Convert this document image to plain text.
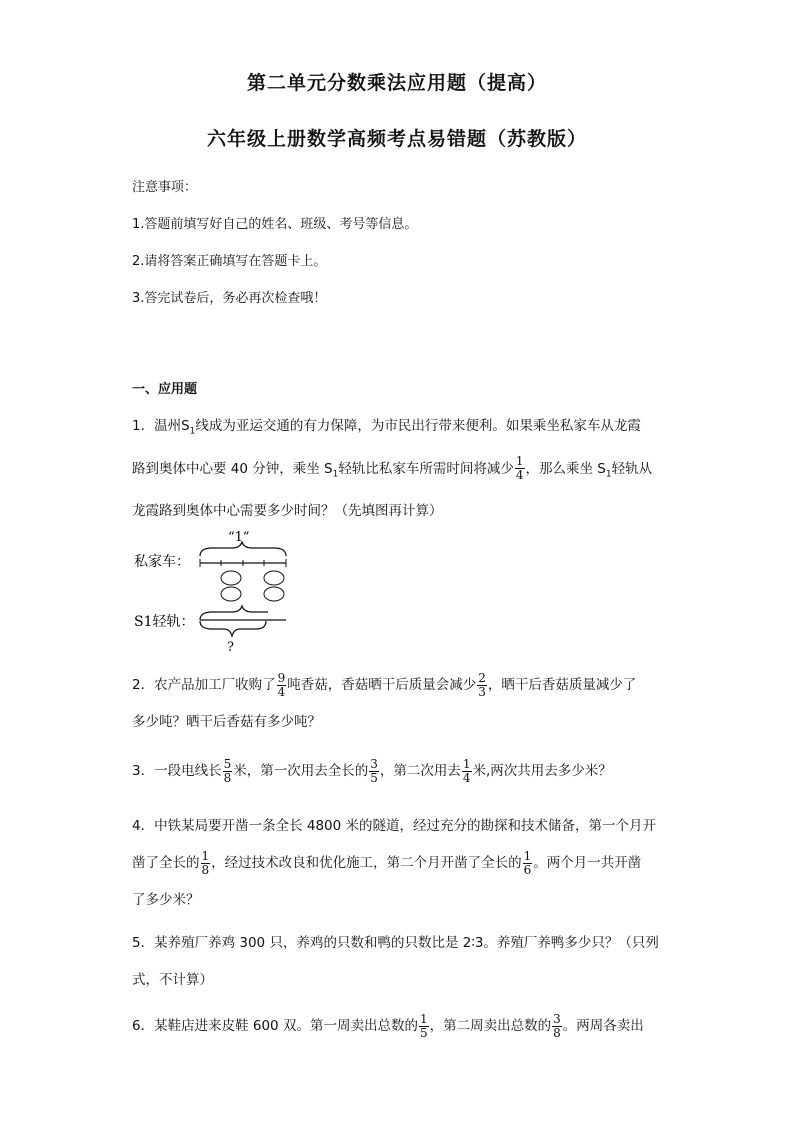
第二单元分数乘法应用题（提高）
六年级上册数学高频考点易错题（苏教版）
注意事项：
1.答题前填写好自己的姓名、班级、考号等信息。
2.请将答案正确填写在答题卡上。
3.答完试卷后，务必再次检查哦！
一、应用题

1．温州$S_1$线成为亚运交通的有力保障，为市民出行带来便利。如果乘坐私家车从龙霞

路到奥体中心要 40 分钟，乘坐 $S_1$轻轨比私家车所需时间将减少 $\frac{1}{4}$ ，那么乘坐 $S_1$轻轨从

龙霞路到奥体中心需要多少时间？（先填图再计算）

“1”
私家车：
S1轻轨：
?

2．农产品加工厂收购了 $\frac{9}{4}$ 吨香菇，香菇晒干后质量会减少 $\frac{2}{3}$ ，晒干后香菇质量减少了

多少吨？晒干后香菇有多少吨？

3．一段电线长 $\frac{5}{8}$ 米，第一次用去全长的 $\frac{3}{5}$ ，第二次用去 $\frac{1}{4}$ 米,两次共用去多少米？

4．中铁某局要开凿一条全长 4800 米的隧道，经过充分的勘探和技术储备，第一个月开

凿了全长的 $\frac{1}{8}$ ，经过技术改良和优化施工，第二个月开凿了全长的 $\frac{1}{6}$ 。两个月一共开凿

了多少米？

5．某养殖厂养鸡 300 只，养鸡的只数和鸭的只数比是 2∶3。养殖厂养鸭多少只？（只列

式，不计算）

6．某鞋店进来皮鞋 600 双。第一周卖出总数的 $\frac{1}{5}$ ，第二周卖出总数的 $\frac{3}{8}$ 。两周各卖出
